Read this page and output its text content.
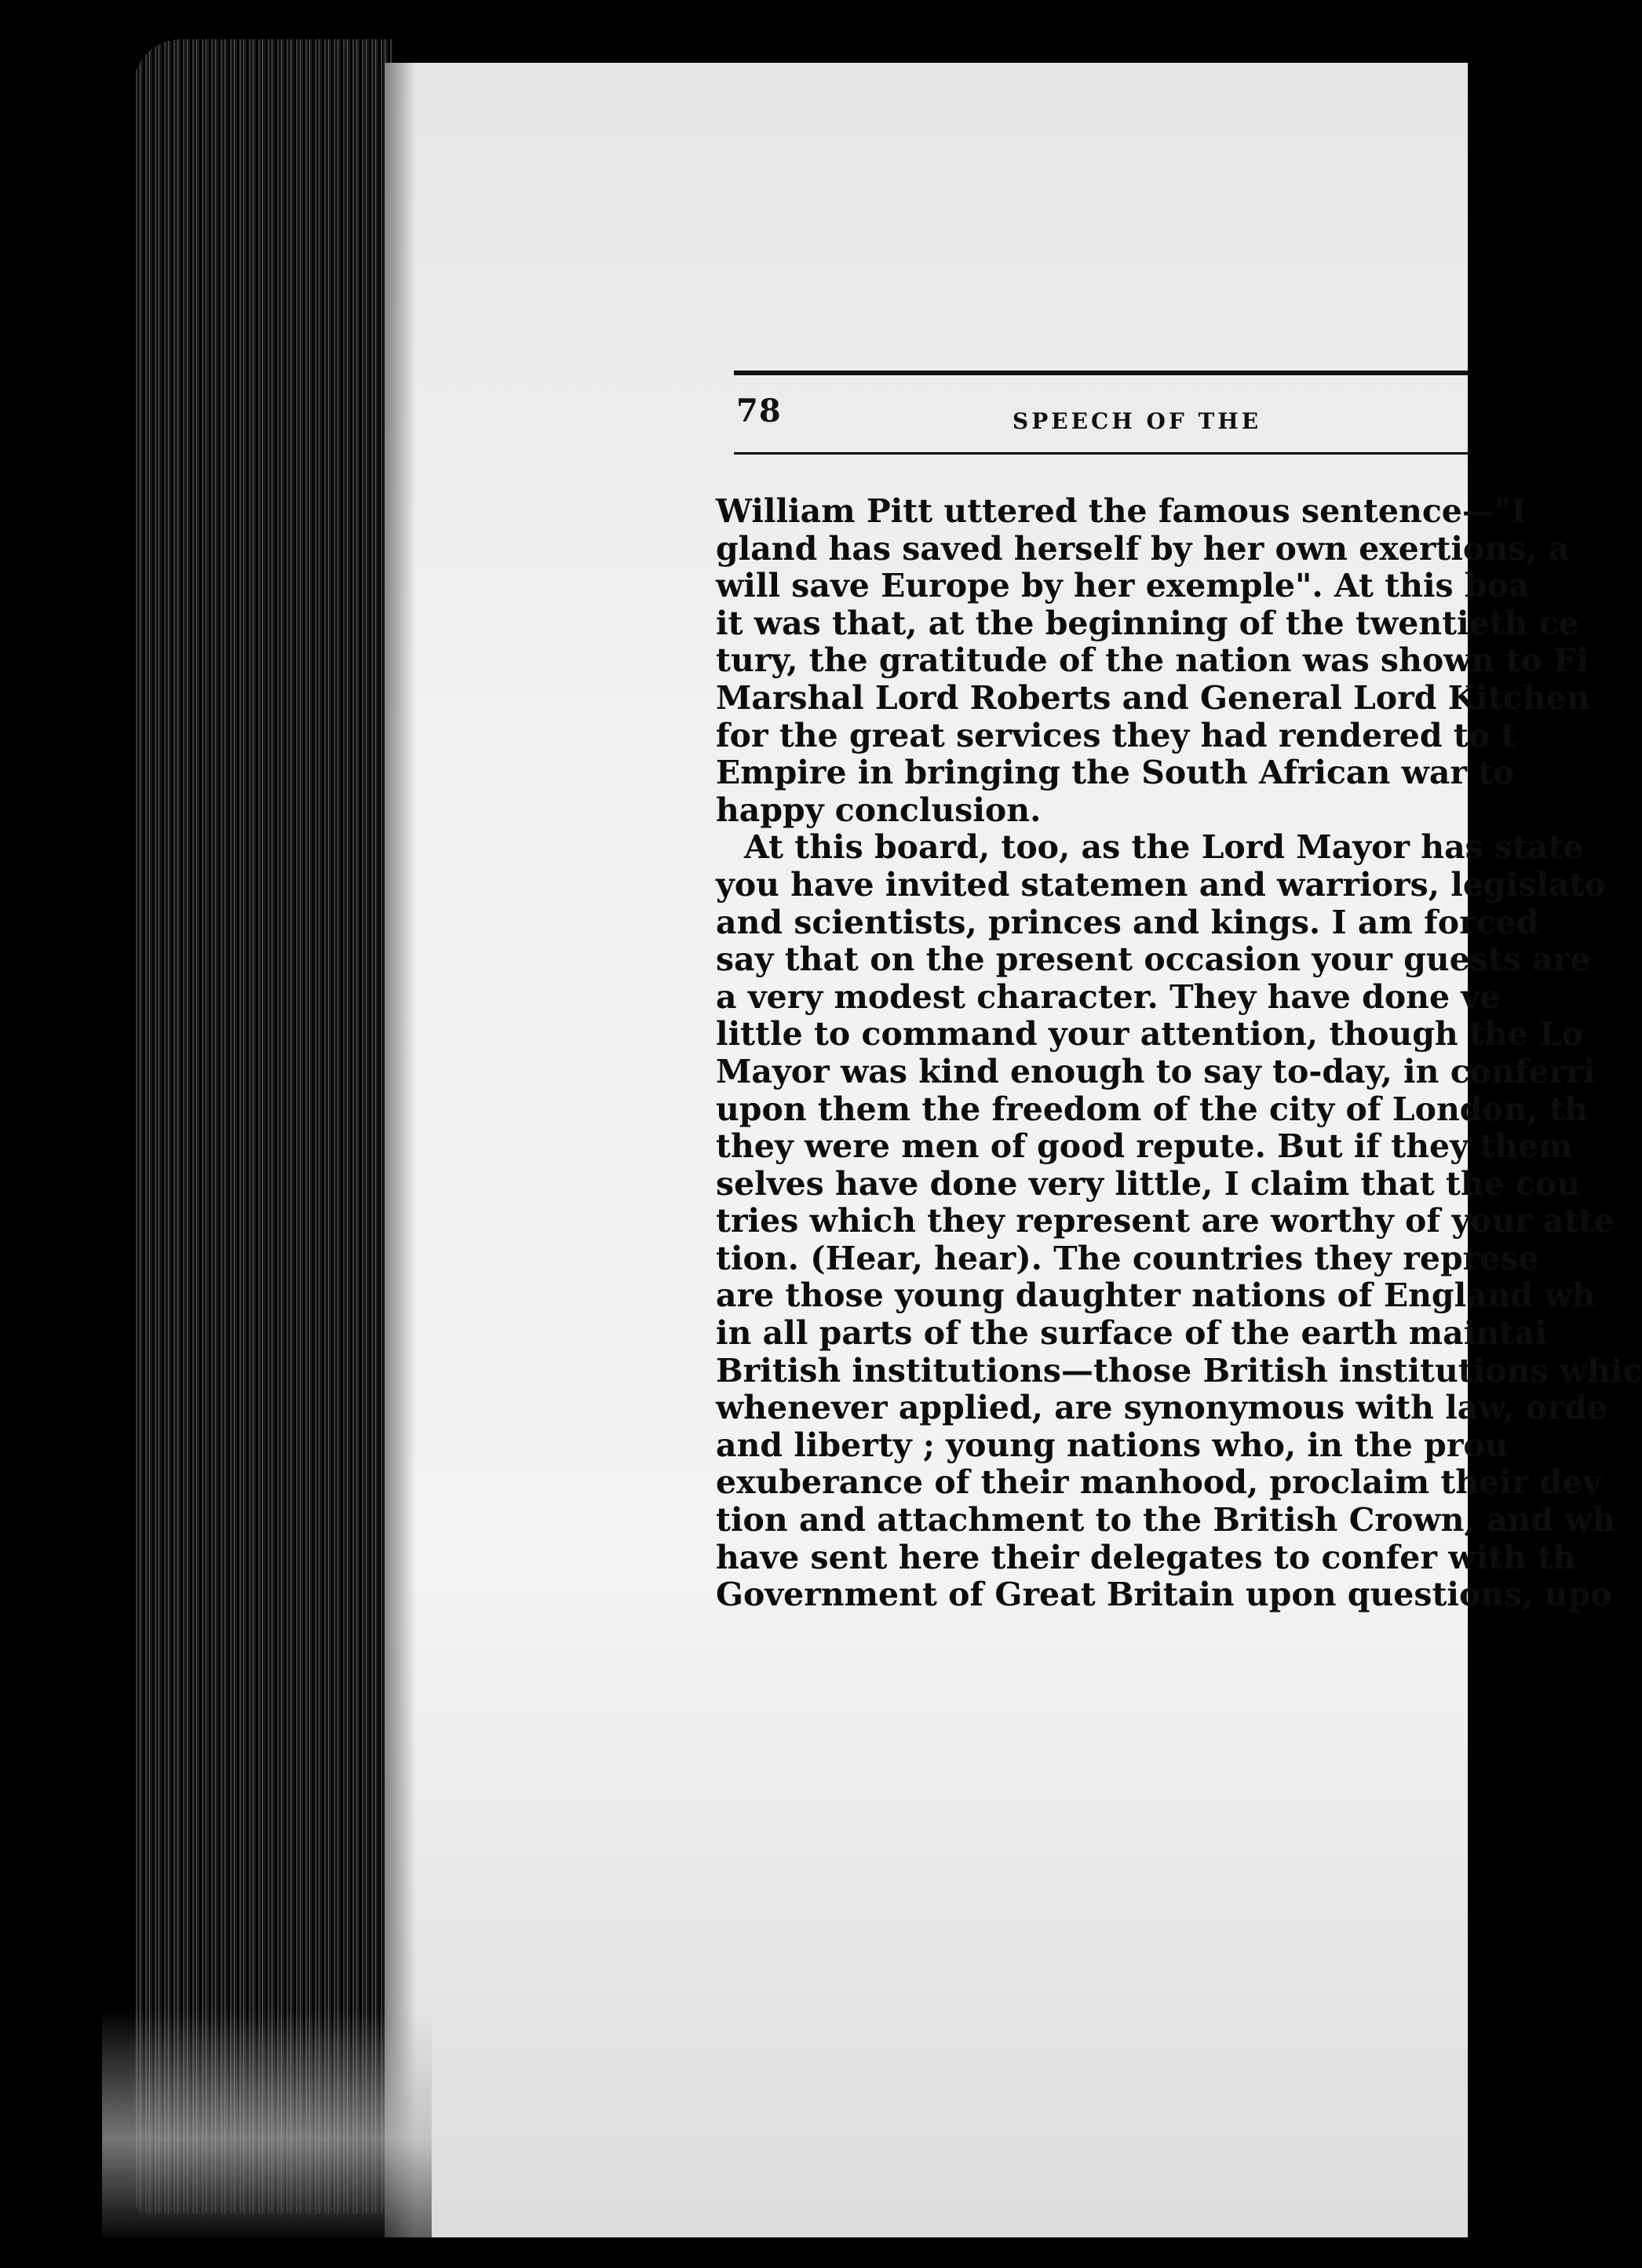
78	SPEECH OF THE
William Pitt uttered the famous sentence—"I
gland has saved herself by her own exertions, a
will save Europe by her exemple". At this boa
it was that, at the beginning of the twentieth ce
tury, the gratitude of the nation was shown to Fi
Marshal Lord Roberts and General Lord Kitchen
for the great services they had rendered to t
Empire in bringing the South African war to
happy conclusion.
At this board, too, as the Lord Mayor has state
you have invited statemen and warriors, legislato
and scientists, princes and kings. I am forced
say that on the present occasion your guests are
a very modest character. They have done ve
little to command your attention, though the Lo
Mayor was kind enough to say to-day, in conferri
upon them the freedom of the city of London, th
they were men of good repute. But if they them
selves have done very little, I claim that the cou
tries which they represent are worthy of your atte
tion. (Hear, hear). The countries they represe
are those young daughter nations of England wh
in all parts of the surface of the earth maintai
British institutions—those British institutions whic
whenever applied, are synonymous with law, orde
and liberty ; young nations who, in the prou
exuberance of their manhood, proclaim their dev
tion and attachment to the British Crown, and wh
have sent here their delegates to confer with th
Government of Great Britain upon questions, upo
